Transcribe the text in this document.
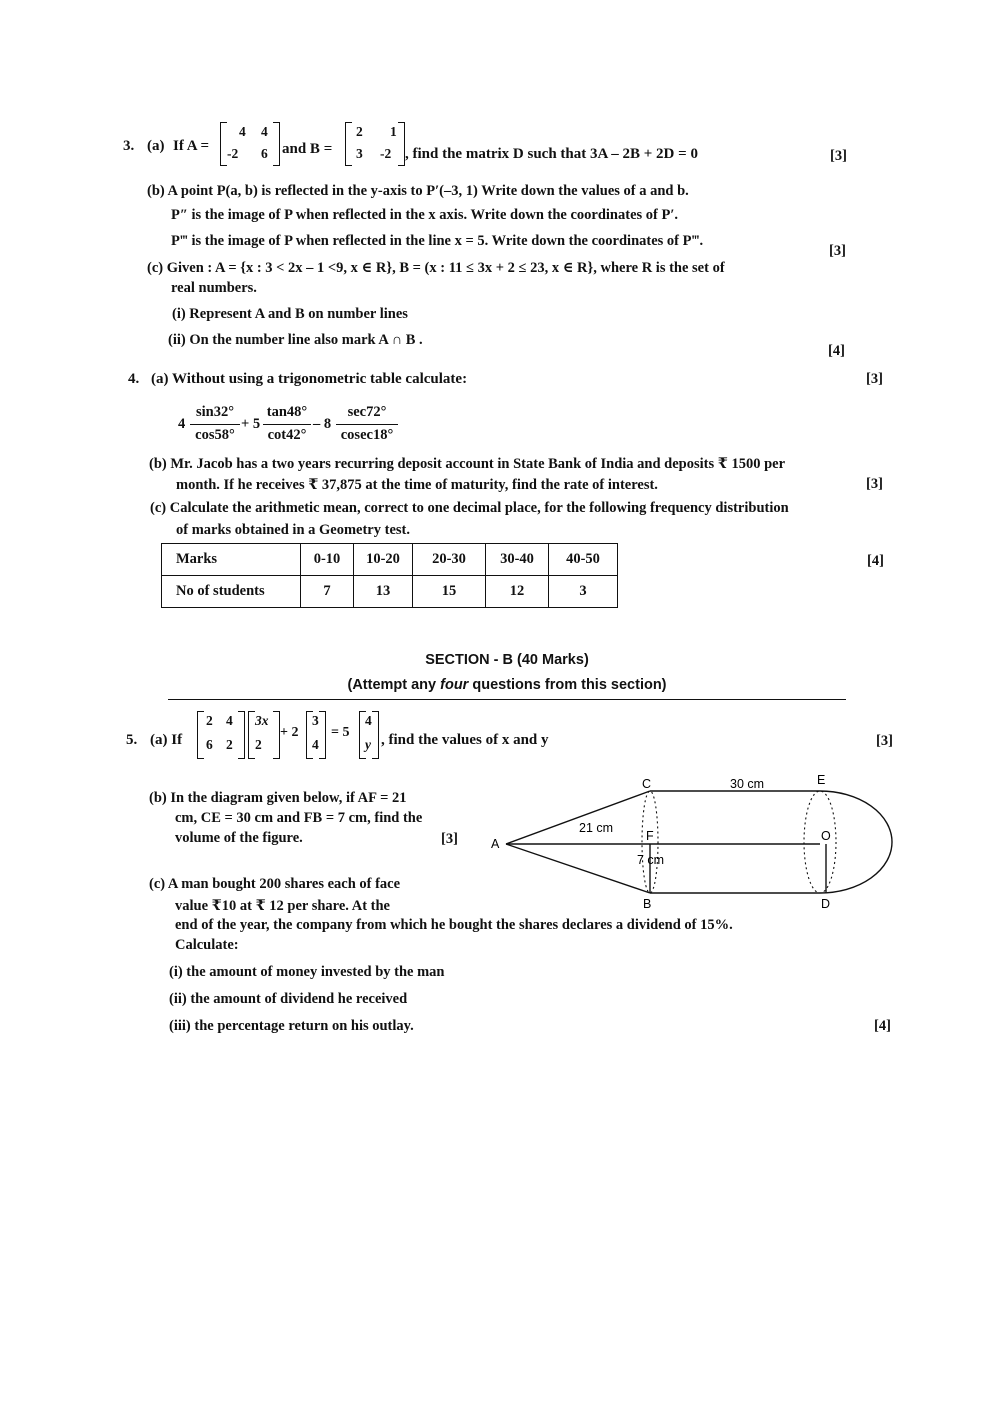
3. (a) If A =
4 4
-2 6 and B =
2 1
3 -2 , find the matrix D such that 3A – 2B + 2D = 0	[3]
(b) A point P(a, b) is reflected in the y-axis to P′(–3, 1) Write down the values of a and b.
P″ is the image of P when reflected in the x axis. Write down the coordinates of P′.
P‴ is the image of P when reflected in the line x = 5. Write down the coordinates of P‴.
[3]
(c) Given : A = {x : 3 < 2x – 1 <9, x ∈ R}, B = (x : 11 ≤ 3x + 2 ≤ 23, x ∈ R}, where R is the set of
real numbers.
(i) Represent A and B on number lines
(ii) On the number line also mark A ∩ B .
[4]
4. (a) Without using a trigonometric table calculate:	[3]
4
sin32°
cos58°
+ 5
tan48°
cot42°
– 8
sec72°
cosec18°
(b) Mr. Jacob has a two years recurring deposit account in State Bank of India and deposits ₹ 1500 per
month. If he receives ₹ 37,875 at the time of maturity, find the rate of interest.	[3]
(c) Calculate the arithmetic mean, correct to one decimal place, for the following frequency distribution
of marks obtained in a Geometry test.
[4]
Marks	0-10	10-20	20-30	30-40	40-50
No of students	7	13	15	12	3
SECTION - B (40 Marks)
(Attempt any four questions from this section)
5. (a) If
2 4
6 2
3x
2
+ 2
3
4
= 5
4
y , find the values of x and y	[3]
(b) In the diagram given below, if AF = 21
cm, CE = 30 cm and FB = 7 cm, find the
volume of the figure.	[3]	A
C	E
30 cm
21 cm
F	O
7 cm
B	D
(c) A man bought 200 shares each of face
value ₹10 at ₹ 12 per share. At the
end of the year, the company from which he bought the shares declares a dividend of 15%.
Calculate:
(i) the amount of money invested by the man
(ii) the amount of dividend he received
(iii) the percentage return on his outlay.	[4]
